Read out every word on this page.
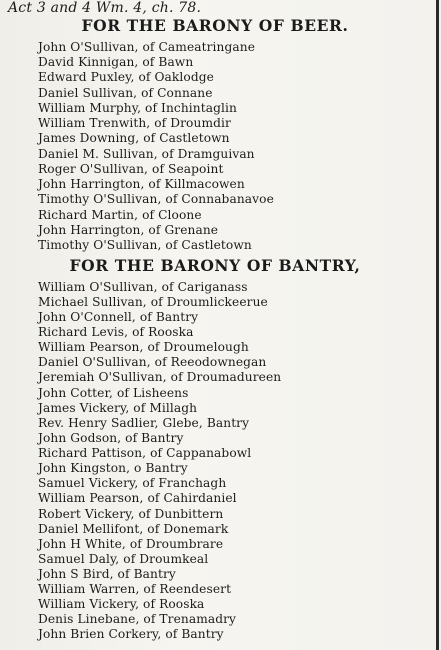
Act 3 and 4 Wm. 4, ch. 78.
FOR THE BARONY OF BEER.
John O'Sullivan, of Cameatringane
David Kinnigan, of Bawn
Edward Puxley, of Oaklodge
Daniel Sullivan, of Connane
William Murphy, of Inchintaglin
William Trenwith, of Droumdir
James Downing, of Castletown
Daniel M. Sullivan, of Dramguivan
Roger O'Sullivan, of Seapoint
John Harrington, of Killmacowen
Timothy O'Sullivan, of Connabanavoe
Richard Martin, of Cloone
John Harrington, of Grenane
Timothy O'Sullivan, of Castletown
FOR THE BARONY OF BANTRY,
William O'Sullivan, of Cariganass
Michael Sullivan, of Droumlickeerue
John O'Connell, of Bantry
Richard Levis, of Rooska
William Pearson, of Droumelough
Daniel O'Sullivan, of Reeodownegan
Jeremiah O'Sullivan, of Droumadureen
John Cotter, of Lisheens
James Vickery, of Millagh
Rev. Henry Sadlier, Glebe, Bantry
John Godson, of Bantry
Richard Pattison, of Cappanabowl
John Kingston, o Bantry
Samuel Vickery, of Franchagh
William Pearson, of Cahirdaniel
Robert Vickery, of Dunbittern
Daniel Mellifont, of Donemark
John H White, of Droumbrare
Samuel Daly, of Droumkeal
John S Bird, of Bantry
William Warren, of Reendesert
William Vickery, of Rooska
Denis Linebane, of Trenamadry
John Brien Corkery, of Bantry
